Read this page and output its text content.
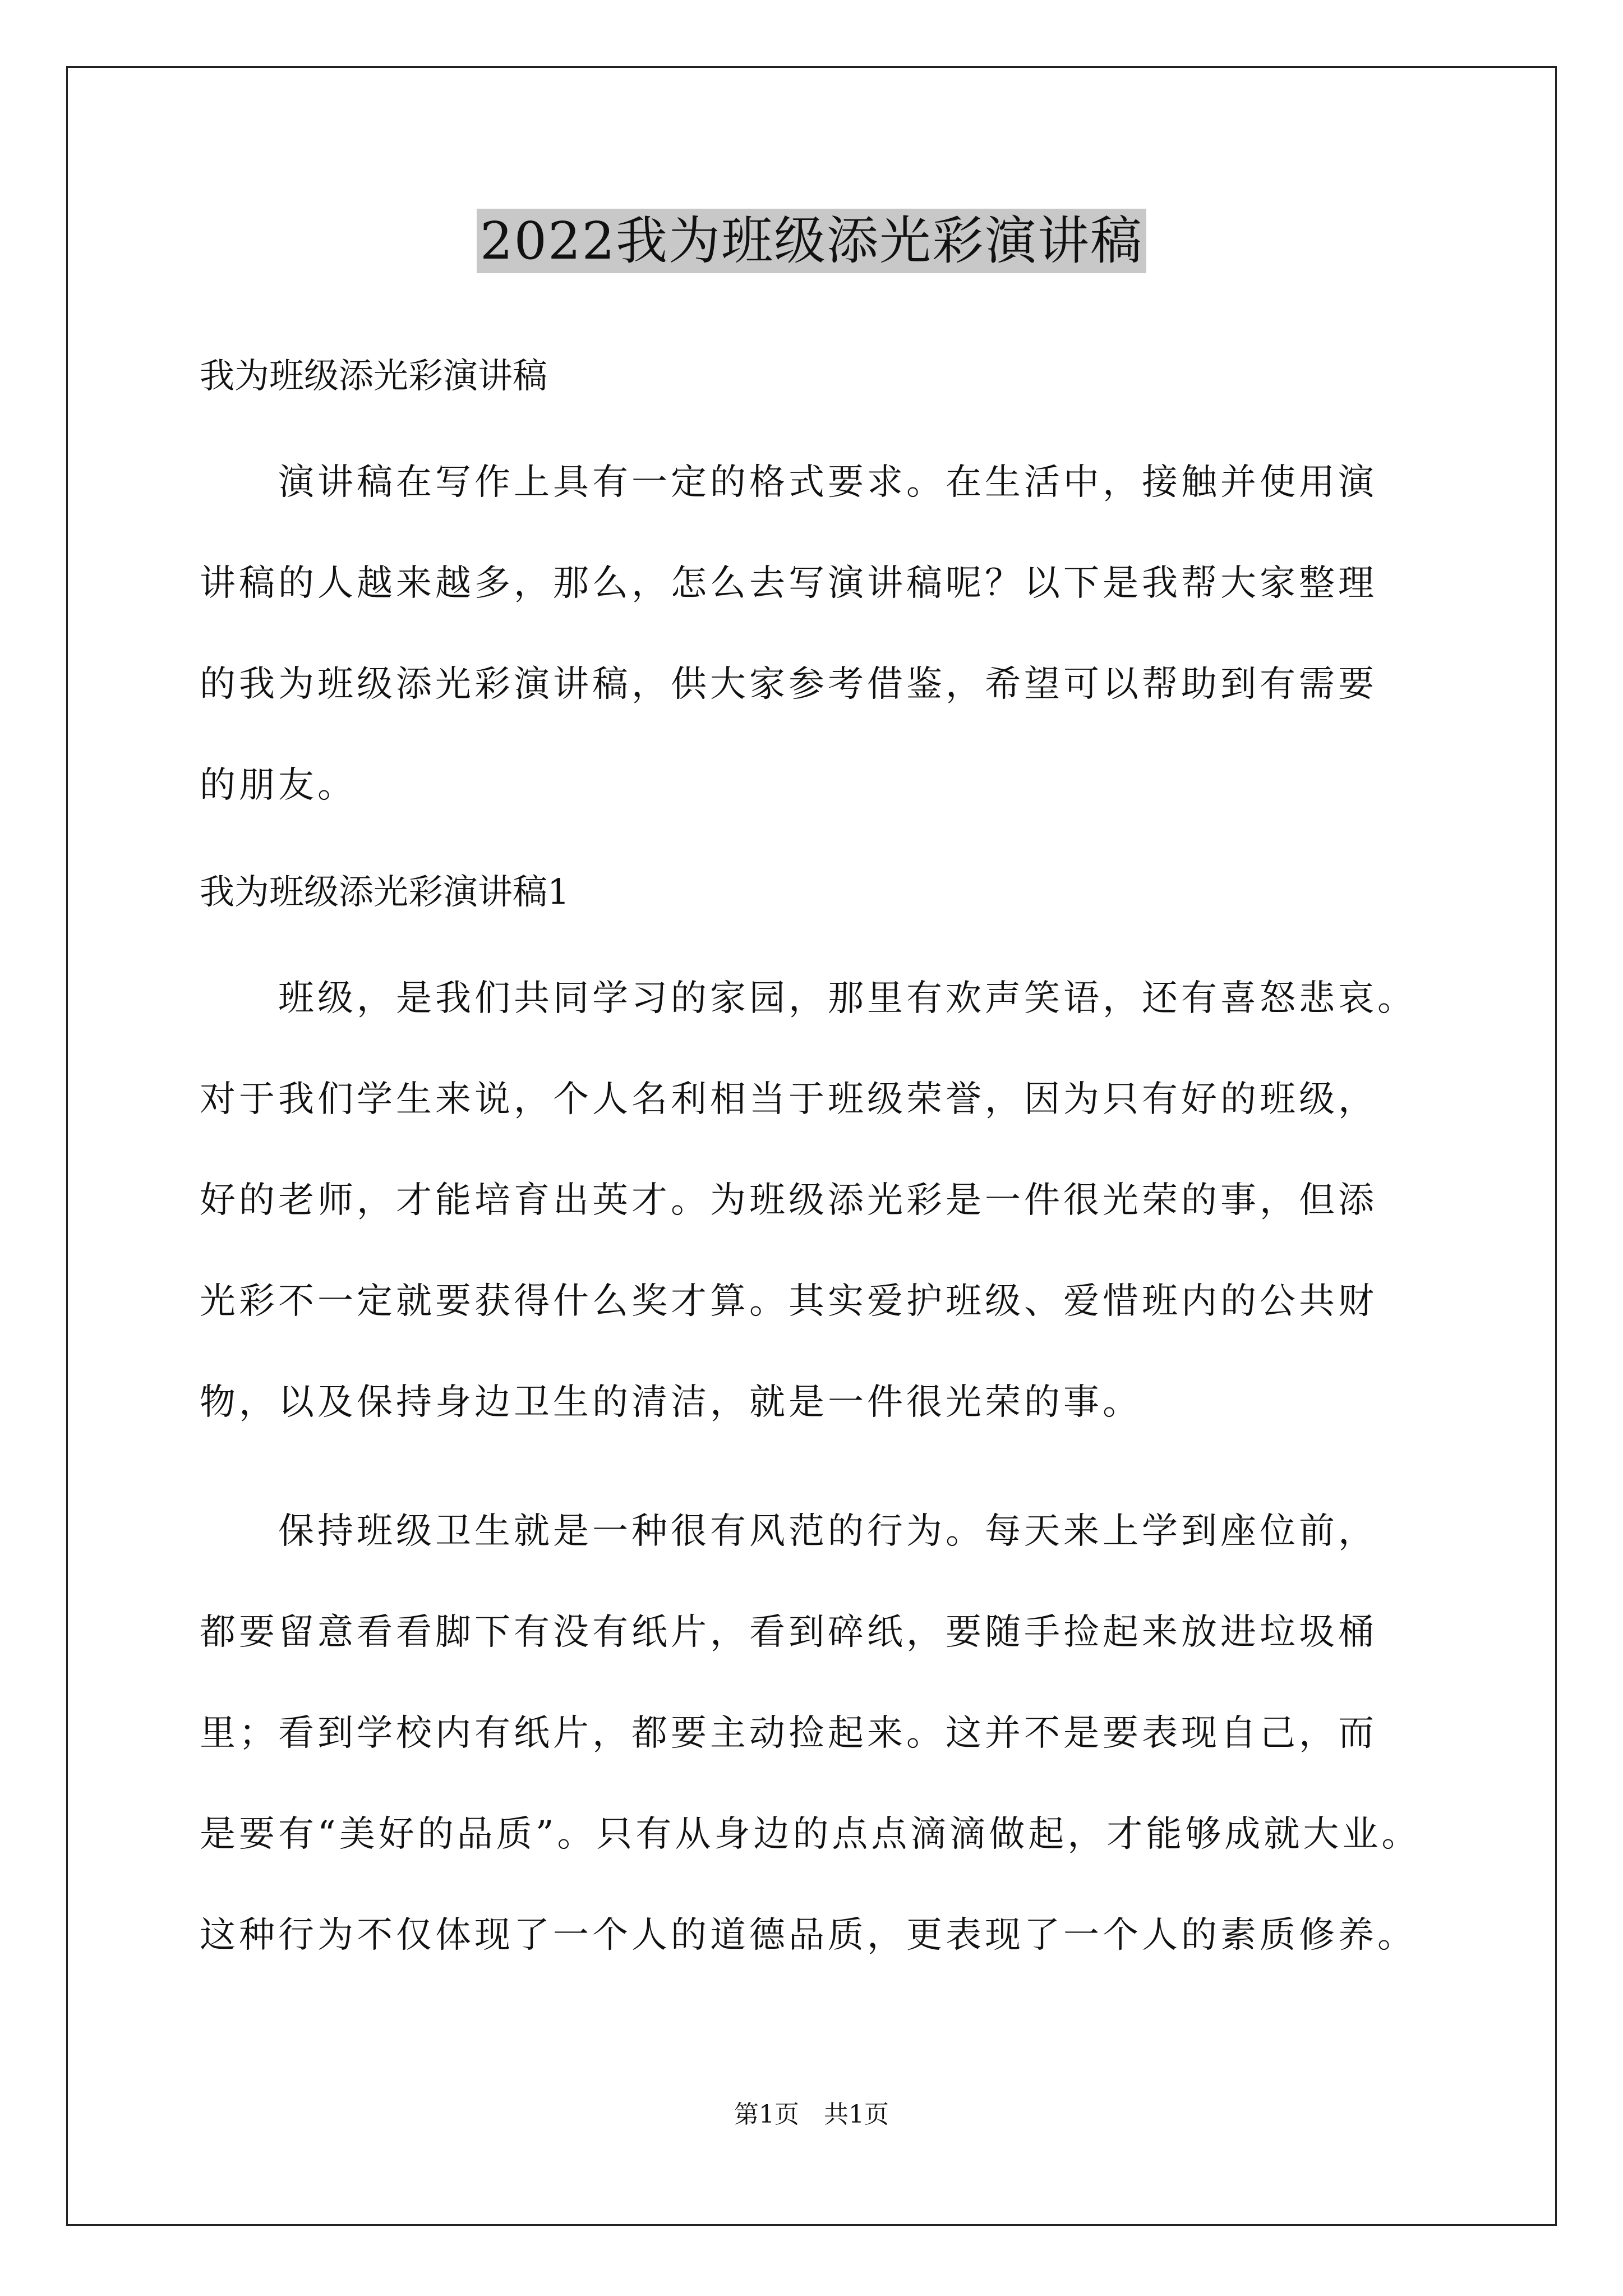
2022我为班级添光彩演讲稿

我为班级添光彩演讲稿

演讲稿在写作上具有一定的格式要求。在生活中，接触并使用演
讲稿的人越来越多，那么，怎么去写演讲稿呢？以下是我帮大家整理
的我为班级添光彩演讲稿，供大家参考借鉴，希望可以帮助到有需要
的朋友。

我为班级添光彩演讲稿1

班级，是我们共同学习的家园，那里有欢声笑语，还有喜怒悲哀。
对于我们学生来说，个人名利相当于班级荣誉，因为只有好的班级，
好的老师，才能培育出英才。为班级添光彩是一件很光荣的事，但添
光彩不一定就要获得什么奖才算。其实爱护班级、爱惜班内的公共财
物，以及保持身边卫生的清洁，就是一件很光荣的事。

保持班级卫生就是一种很有风范的行为。每天来上学到座位前，
都要留意看看脚下有没有纸片，看到碎纸，要随手捡起来放进垃圾桶
里；看到学校内有纸片，都要主动捡起来。这并不是要表现自己，而
是要有“美好的品质”。只有从身边的点点滴滴做起，才能够成就大业。
这种行为不仅体现了一个人的道德品质，更表现了一个人的素质修养。

第1页　共1页
